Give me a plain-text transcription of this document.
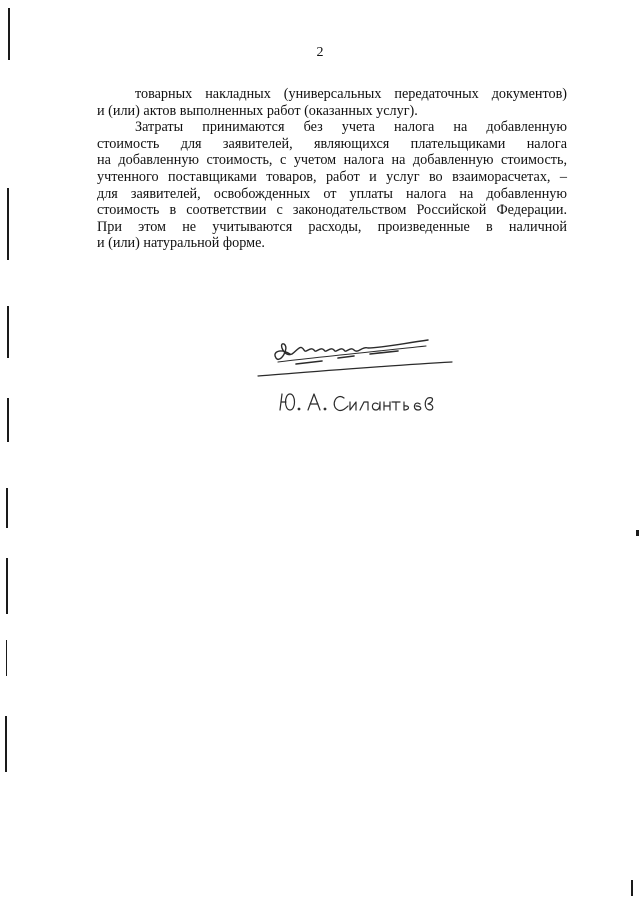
2

товарных накладных (универсальных передаточных документов)
и (или) актов выполненных работ (оказанных услуг).

Затраты принимаются без учета налога на добавленную
стоимость для заявителей, являющихся плательщиками налога
на добавленную стоимость, с учетом налога на добавленную стоимость,
учтенного поставщиками товаров, работ и услуг во взаиморасчетах, –
для заявителей, освобожденных от уплаты налога на добавленную
стоимость в соответствии с законодательством Российской Федерации.
При этом не учитываются расходы, произведенные в наличной
и (или) натуральной форме.
